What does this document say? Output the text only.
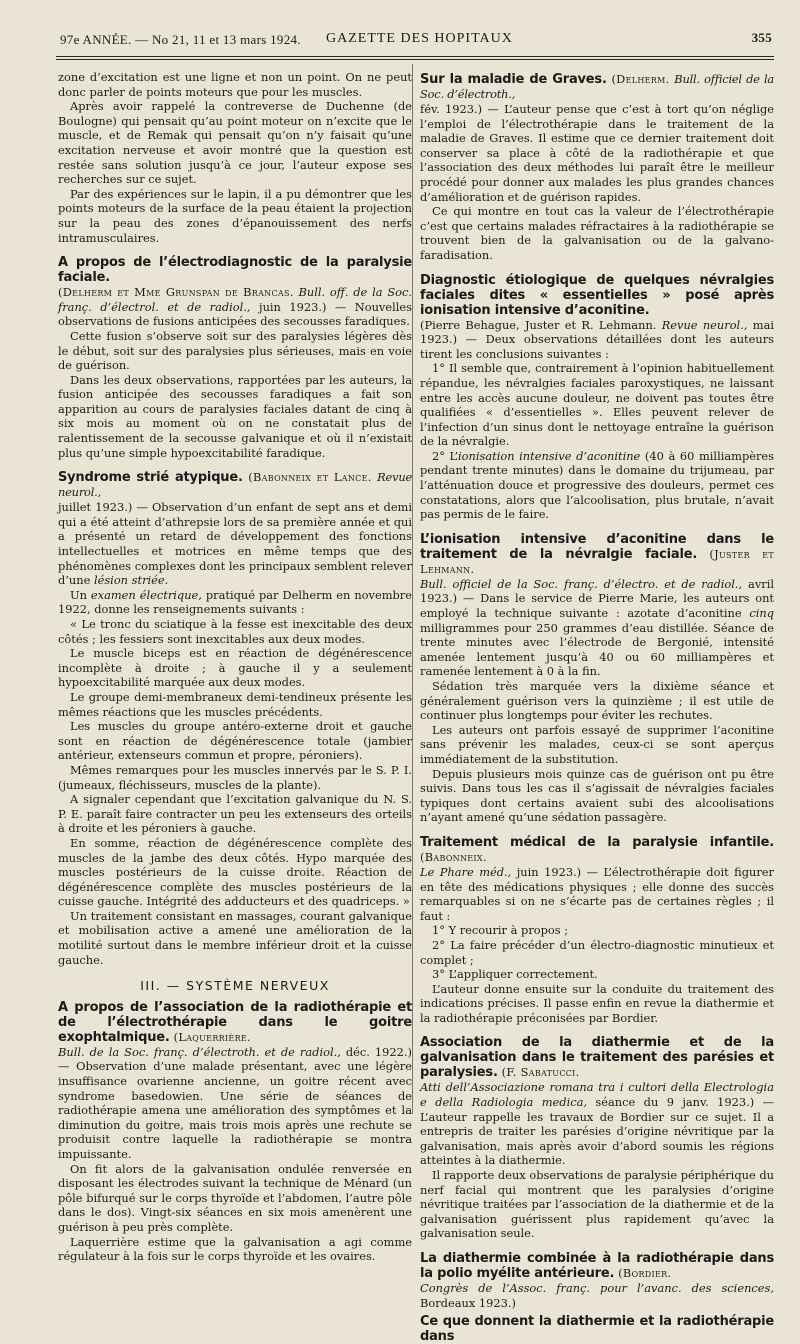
97e ANNÉE. — No 21, 11 et 13 mars 1924. GAZETTE DES HOPITAUX	355

zone d’excitation est une ligne et non un point. On ne peut donc parler de points moteurs que pour les muscles.

Après avoir rappelé la contreverse de Duchenne (de Boulogne) qui pensait qu’au point moteur on n’excite que le muscle, et de Remak qui pensait qu’on n’y faisait qu’une excitation nerveuse et avoir montré que la question est restée sans solution jusqu’à ce jour, l’auteur expose ses recherches sur ce sujet.

Par des expériences sur le lapin, il a pu démontrer que les points moteurs de la surface de la peau étaient la projection sur la peau des zones d’épanouissement des nerfs intramusculaires.

A propos de l’électrodiagnostic de la paralysie faciale.

(Delherm et Mme Grunspan de Brancas. Bull. off. de la Soc. franç. d’électrol. et de radiol., juin 1923.) — Nouvelles observations de fusions anticipées des secousses faradiques.

Cette fusion s’observe soit sur des paralysies légères dès le début, soit sur des paralysies plus sérieuses, mais en voie de guérison.

Dans les deux observations, rapportées par les auteurs, la fusion anticipée des secousses faradiques a fait son apparition au cours de paralysies faciales datant de cinq à six mois au moment où on ne constatait plus de ralentissement de la secousse galvanique et où il n’existait plus qu’une simple hypoexcitabilité faradique.

Syndrome strié atypique. (Babonneix et Lance. Revue neurol.,

juillet 1923.) — Observation d’un enfant de sept ans et demi qui a été atteint d’athrepsie lors de sa première année et qui a présenté un retard de développement des fonctions intellectuelles et motrices en même temps que des phénomènes complexes dont les principaux semblent relever d’une lésion striée.

Un examen électrique, pratiqué par Delherm en novembre 1922, donne les renseignements suivants :

« Le tronc du sciatique à la fesse est inexcitable des deux côtés ; les fessiers sont inexcitables aux deux modes.

Le muscle biceps est en réaction de dégénérescence incomplète à droite ; à gauche il y a seulement hypoexcitabilité marquée aux deux modes.

Le groupe demi-membraneux demi-tendineux présente les mêmes réactions que les muscles précédents.

Les muscles du groupe antéro-externe droit et gauche sont en réaction de dégénérescence totale (jambier antérieur, extenseurs commun et propre, péroniers).

Mêmes remarques pour les muscles innervés par le S. P. I. (jumeaux, fléchisseurs, muscles de la plante).

A signaler cependant que l’excitation galvanique du N. S. P. E. paraît faire contracter un peu les extenseurs des orteils à droite et les péroniers à gauche.

En somme, réaction de dégénérescence complète des muscles de la jambe des deux côtés. Hypo marquée des muscles postérieurs de la cuisse droite. Réaction de dégénérescence complète des muscles postérieurs de la cuisse gauche. Intégrité des adducteurs et des quadriceps. »

Un traitement consistant en massages, courant galvanique et mobilisation active a amené une amélioration de la motilité surtout dans le membre inférieur droit et la cuisse gauche.

III. — SYSTÈME NERVEUX
A propos de l’association de la radiothérapie et de l’électrothérapie dans le goitre exophtalmique. (Laquerrière.

Bull. de la Soc. franç. d’électroth. et de radiol., déc. 1922.) — Observation d’une malade présentant, avec une légère insuffisance ovarienne ancienne, un goitre récent avec syndrome basedowien. Une série de séances de radiothérapie amena une amélioration des symptômes et la diminution du goitre, mais trois mois après une rechute se produisit contre laquelle la radiothérapie se montra impuissante.

On fit alors de la galvanisation ondulée renversée en disposant les électrodes suivant la technique de Ménard (un pôle bifurqué sur le corps thyroïde et l’abdomen, l’autre pôle dans le dos). Vingt-six séances en six mois amenèrent une guérison à peu près complète.

Laquerrière estime que la galvanisation a agi comme régulateur à la fois sur le corps thyroïde et les ovaires.

Sur la maladie de Graves. (Delherm. Bull. officiel de la Soc. d’électroth.,

fév. 1923.) — L’auteur pense que c’est à tort qu’on néglige l’emploi de l’électrothérapie dans le traitement de la maladie de Graves. Il estime que ce dernier traitement doit conserver sa place à côté de la radiothérapie et que l’association des deux méthodes lui paraît être le meilleur procédé pour donner aux malades les plus grandes chances d’amélioration et de guérison rapides.

Ce qui montre en tout cas la valeur de l’électrothérapie c’est que certains malades réfractaires à la radiothérapie se trouvent bien de la galvanisation ou de la galvano-faradisation.

Diagnostic étiologique de quelques névralgies faciales dites « essentielles » posé après ionisation intensive d’aconitine.

(Pierre Behague, Juster et R. Lehmann. Revue neurol., mai 1923.) — Deux observations détaillées dont les auteurs tirent les conclusions suivantes :

1° Il semble que, contrairement à l’opinion habituellement répandue, les névralgies faciales paroxystiques, ne laissant entre les accès aucune douleur, ne doivent pas toutes être qualifiées « d’essentielles ». Elles peuvent relever de l’infection d’un sinus dont le nettoyage entraîne la guérison de la névralgie.

2° L’ionisation intensive d’aconitine (40 à 60 milliampères pendant trente minutes) dans le domaine du trijumeau, par l’atténuation douce et progressive des douleurs, permet ces constatations, alors que l’alcoolisation, plus brutale, n’avait pas permis de le faire.

L’ionisation intensive d’aconitine dans le traitement de la névralgie faciale. (Juster et Lehmann.

Bull. officiel de la Soc. franç. d’électro. et de radiol., avril 1923.) — Dans le service de Pierre Marie, les auteurs ont employé la technique suivante : azotate d’aconitine cinq milligrammes pour 250 grammes d’eau distillée. Séance de trente minutes avec l’électrode de Bergonié, intensité amenée lentement jusqu’à 40 ou 60 milliampères et ramenée lentement à 0 à la fin.

Sédation très marquée vers la dixième séance et généralement guérison vers la quinzième ; il est utile de continuer plus longtemps pour éviter les rechutes.

Les auteurs ont parfois essayé de supprimer l’aconitine sans prévenir les malades, ceux-ci se sont aperçus immédiatement de la substitution.

Depuis plusieurs mois quinze cas de guérison ont pu être suivis. Dans tous les cas il s’agissait de névralgies faciales typiques dont certains avaient subi des alcoolisations n’ayant amené qu’une sédation passagère.

Traitement médical de la paralysie infantile. (Babonneix.

Le Phare méd., juin 1923.) — L’électrothérapie doit figurer en tête des médications physiques ; elle donne des succès remarquables si on ne s’écarte pas de certaines règles ; il faut :

1° Y recourir à propos ;

2° La faire précéder d’un électro-diagnostic minutieux et complet ;

3° L’appliquer correctement.

L’auteur donne ensuite sur la conduite du traitement des indications précises. Il passe enfin en revue la diathermie et la radiothérapie préconisées par Bordier.

Association de la diathermie et de la galvanisation dans le traitement des parésies et paralysies. (F. Sabatucci.

Atti dell’Associazione romana tra i cultori della Electrologia e della Radiologia medica, séance du 9 janv. 1923.) — L’auteur rappelle les travaux de Bordier sur ce sujet. Il a entrepris de traiter les parésies d’origine névritique par la galvanisation, mais après avoir d’abord soumis les régions atteintes à la diathermie.

Il rapporte deux observations de paralysie périphérique du nerf facial qui montrent que les paralysies d’origine névritique traitées par l’association de la diathermie et de la galvanisation guérissent plus rapidement qu’avec la galvanisation seule.

La diathermie combinée à la radiothérapie dans la polio myélite antérieure. (Bordier.

Congrès de l’Assoc. franç. pour l’avanc. des sciences, Bordeaux 1923.)

Ce que donnent la diathermie et la radiothérapie dans
